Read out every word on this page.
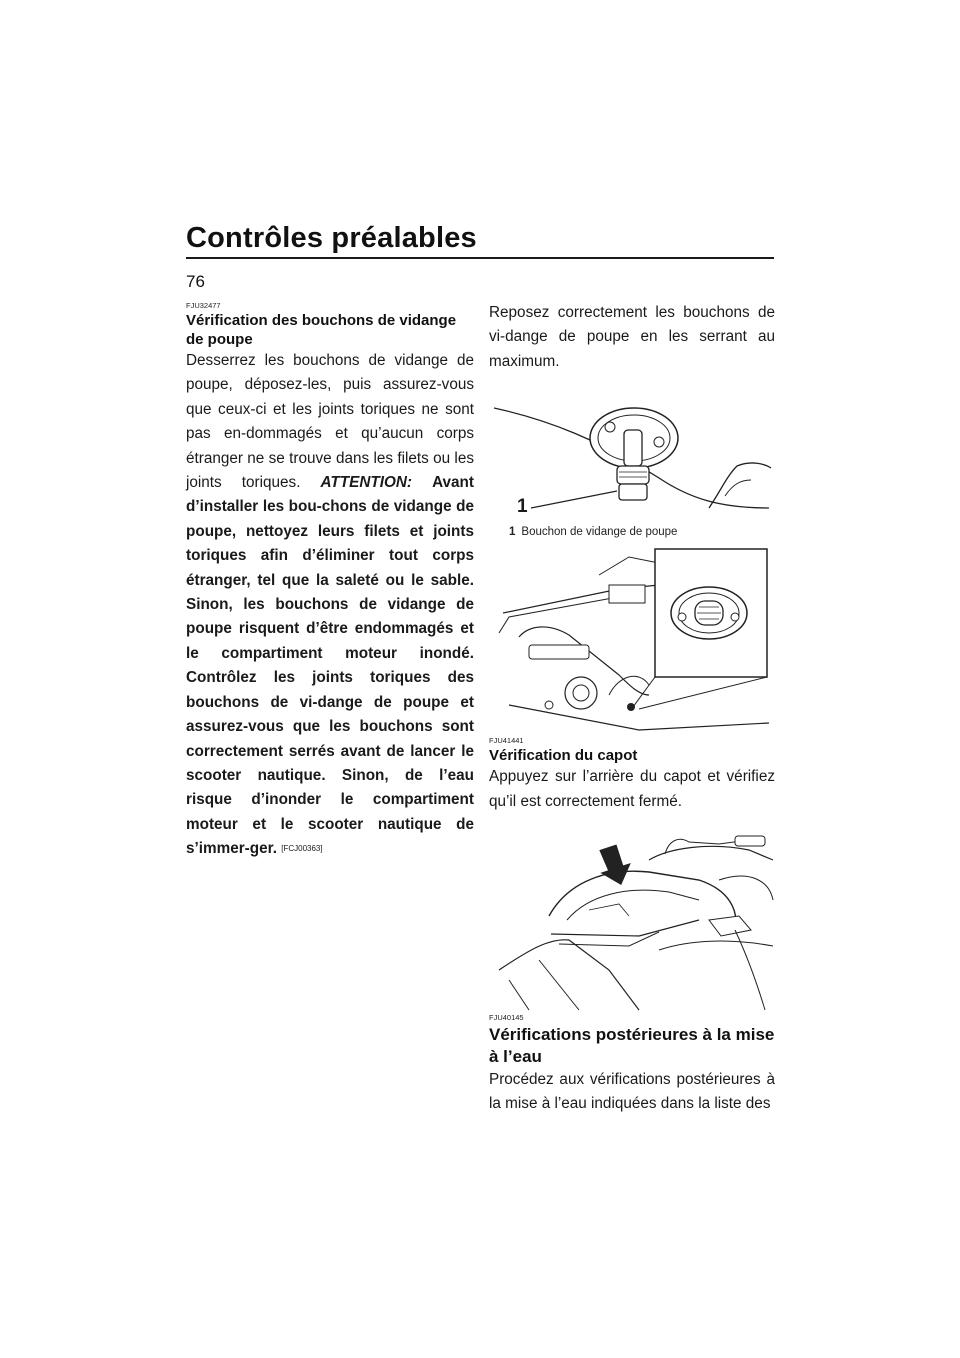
Contrôles préalables
76
FJU32477
Vérification des bouchons de vidange de poupe

Desserrez les bouchons de vidange de poupe, déposez-les, puis assurez-vous que ceux-ci et les joints toriques ne sont pas en-dommagés et qu’aucun corps étranger ne se trouve dans les filets ou les joints toriques. ATTENTION: Avant d’installer les bou-chons de vidange de poupe, nettoyez leurs filets et joints toriques afin d’éliminer tout corps étranger, tel que la saleté ou le sable. Sinon, les bouchons de vidange de poupe risquent d’être endommagés et le compartiment moteur inondé. Contrôlez les joints toriques des bouchons de vi-dange de poupe et assurez-vous que les bouchons sont correctement serrés avant de lancer le scooter nautique. Sinon, de l’eau risque d’inonder le compartiment moteur et le scooter nautique de s’immer-ger. [FCJ00363]

Reposez correctement les bouchons de vi-dange de poupe en les serrant au maximum.

1
1 Bouchon de vidange de poupe
FJU41441
Vérification du capot

Appuyez sur l’arrière du capot et vérifiez qu’il est correctement fermé.

FJU40145
Vérifications postérieures à la mise à l’eau

Procédez aux vérifications postérieures à la mise à l’eau indiquées dans la liste des
